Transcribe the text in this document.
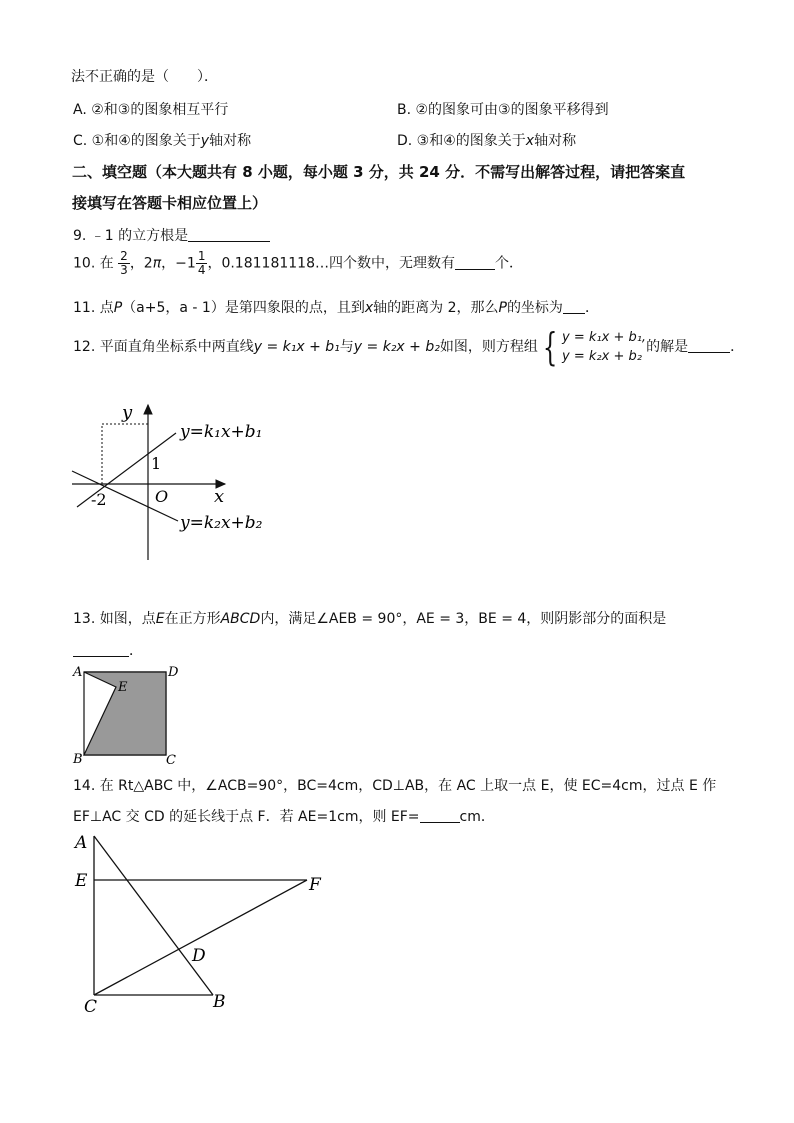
法不正确的是（　　）．
A. ②和③的图象相互平行	B. ②的图象可由③的图象平移得到
C. ①和④的图象关于y轴对称	D. ③和④的图象关于x轴对称
二、填空题（本大题共有 8 小题，每小题 3 分，共 24 分．不需写出解答过程，请把答案直
接填写在答题卡相应位置上）
9. ﹣1 的立方根是
10. 在 $\frac{2}{3}$ ，2π，$-1 \frac{1}{4}$ ，0.181181118…四个数中，无理数有	个．
11. 点P（a+5，a - 1）是第四象限的点，且到x轴的距离为 2，那么P的坐标为 ．
12. 平面直角坐标系中两直线y = k₁x + b₁与y = k₂x + b₂如图，则方程组 { y = k₁x + b₁,
y = k₂x + b₂
的解是	．
y
x
O
1
-2
y=k₁x+b₁
y=k₂x+b₂
13. 如图，点E在正方形ABCD内，满足∠AEB = 90°，AE = 3，BE = 4，则阴影部分的面积是
．
A	D
E
B	C
14. 在 Rt△ABC 中，∠ACB=90°，BC=4cm，CD⊥AB，在 AC 上取一点 E，使 EC=4cm，过点 E 作
EF⊥AC 交 CD 的延长线于点 F．若 AE=1cm，则 EF=	cm．
A
E	F
D
C	B
